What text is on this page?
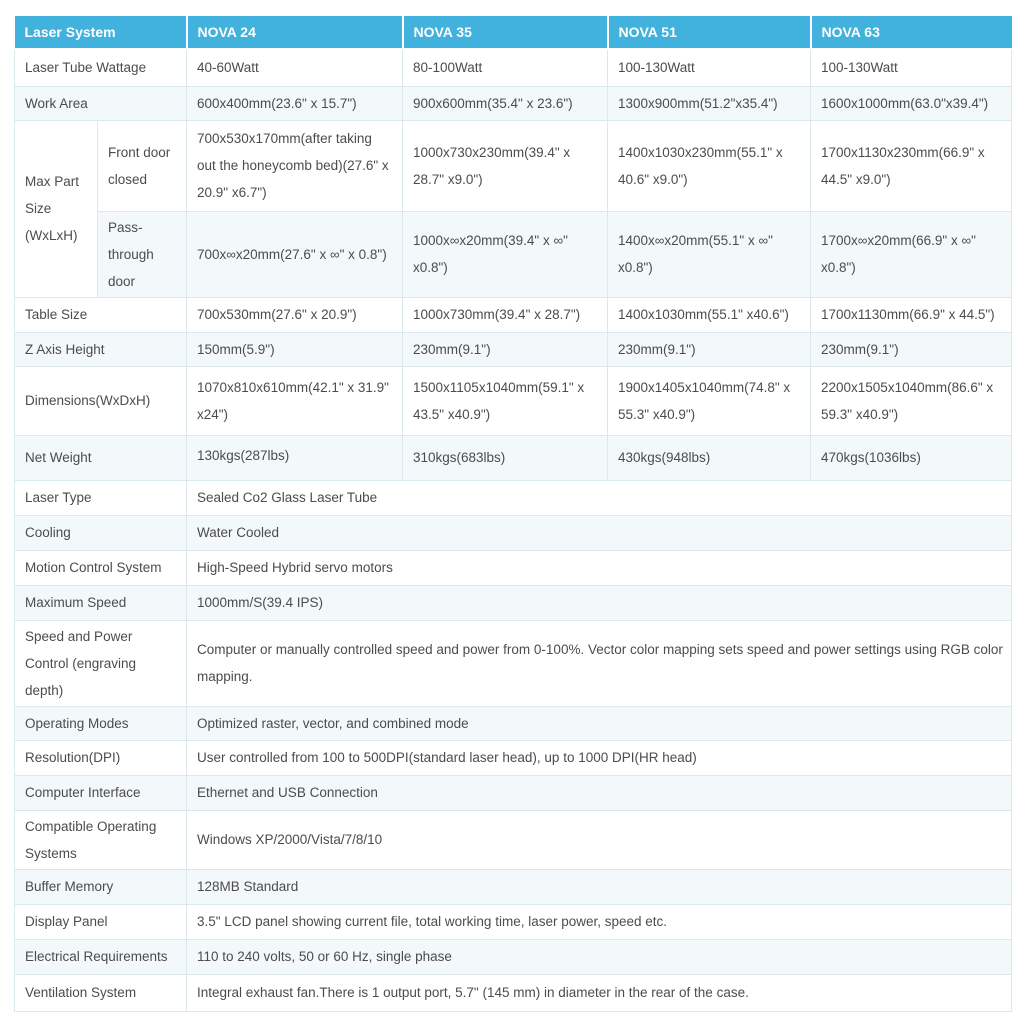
Laser System		NOVA 24	NOVA 35	NOVA 51	NOVA 63
Laser Tube Wattage		40-60Watt	80-100Watt	100-130Watt	100-130Watt
Work Area		600x400mm(23.6" x 15.7")	900x600mm(35.4" x 23.6")	1300x900mm(51.2"x35.4")	1600x1000mm(63.0"x39.4")
Max Part Size (WxLxH)	Front door closed	700x530x170mm(after taking out the honeycomb bed)(27.6" x 20.9" x6.7")	1000x730x230mm(39.4" x 28.7" x9.0")	1400x1030x230mm(55.1" x 40.6" x9.0")	1700x1130x230mm(66.9" x 44.5" x9.0")
	Pass-through door	700x∞x20mm(27.6" x ∞" x 0.8")	1000x∞x20mm(39.4" x ∞" x0.8")	1400x∞x20mm(55.1" x ∞" x0.8")	1700x∞x20mm(66.9" x ∞" x0.8")
Table Size		700x530mm(27.6" x 20.9")	1000x730mm(39.4" x 28.7")	1400x1030mm(55.1" x40.6")	1700x1130mm(66.9" x 44.5")
Z Axis Height		150mm(5.9")	230mm(9.1")	230mm(9.1")	230mm(9.1")
Dimensions(WxDxH)		1070x810x610mm(42.1" x 31.9" x24")	1500x1105x1040mm(59.1" x 43.5" x40.9")	1900x1405x1040mm(74.8" x 55.3" x40.9")	2200x1505x1040mm(86.6" x 59.3" x40.9")
Net Weight		130kgs(287lbs)	310kgs(683lbs)	430kgs(948lbs)	470kgs(1036lbs)
Laser Type		Sealed Co2 Glass Laser Tube			
Cooling		Water Cooled			
Motion Control System		High-Speed Hybrid servo motors			
Maximum Speed		1000mm/S(39.4 IPS)			
Speed and Power Control (engraving depth)		Computer or manually controlled speed and power from 0-100%. Vector color mapping sets speed and power settings using RGB color mapping.			
Operating Modes		Optimized raster, vector, and combined mode			
Resolution(DPI)		User controlled from 100 to 500DPI(standard laser head), up to 1000 DPI(HR head)			
Computer Interface		Ethernet and USB Connection			
Compatible Operating Systems		Windows XP/2000/Vista/7/8/10			
Buffer Memory		128MB Standard			
Display Panel		3.5" LCD panel showing current file, total working time, laser power, speed etc.			
Electrical Requirements		110 to 240 volts, 50 or 60 Hz, single phase			
Ventilation System		Integral exhaust fan.There is 1 output port, 5.7" (145 mm) in diameter in the rear of the case.			
